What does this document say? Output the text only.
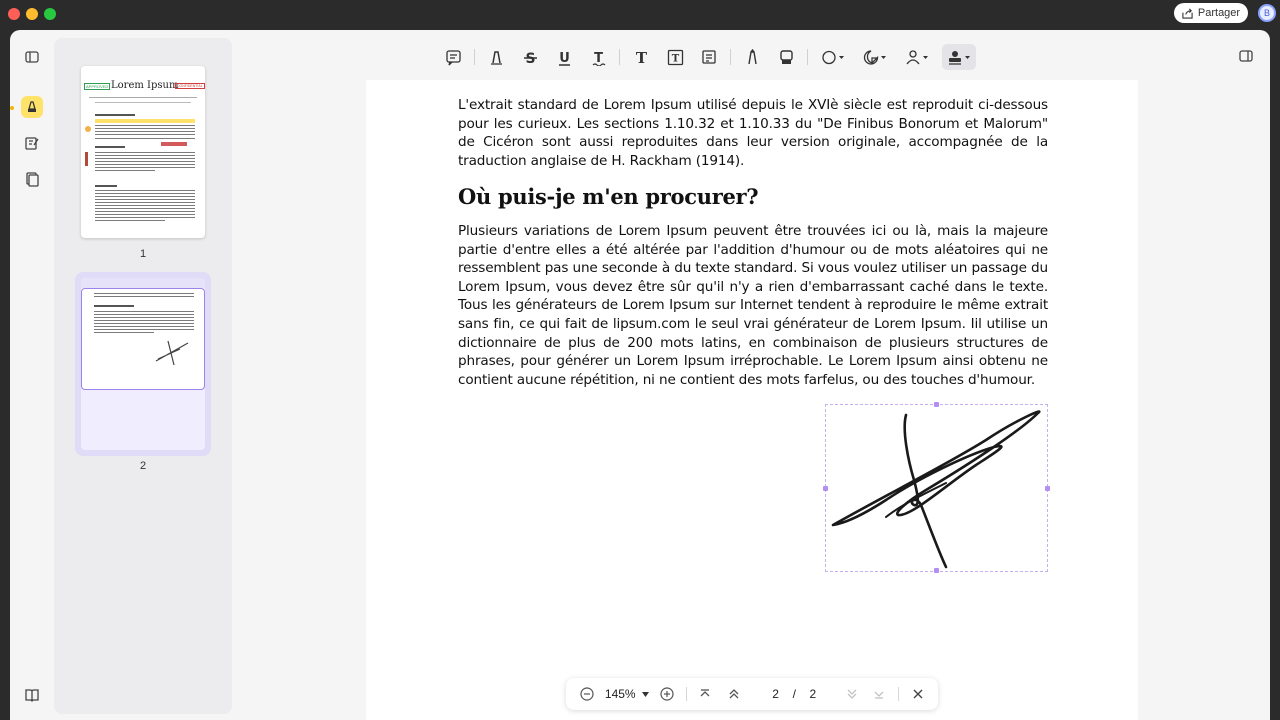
Partager	B
APPROVED Lorem Ipsum
CONFIDENTIAL
1
2
S U T T T

L'extrait standard de Lorem Ipsum utilisé depuis le XVIè siècle est reproduit ci-dessous pour les curieux. Les sections 1.10.32 et 1.10.33 du "De Finibus Bonorum et Malorum" de Cicéron sont aussi reproduites dans leur version originale, accompagnée de la traduction anglaise de H. Rackham (1914).

Où puis-je m'en procurer?

Plusieurs variations de Lorem Ipsum peuvent être trouvées ici ou là, mais la majeure partie d'entre elles a été altérée par l'addition d'humour ou de mots aléatoires qui ne ressemblent pas une seconde à du texte standard. Si vous voulez utiliser un passage du Lorem Ipsum, vous devez être sûr qu'il n'y a rien d'embarrassant caché dans le texte. Tous les générateurs de Lorem Ipsum sur Internet tendent à reproduire le même extrait sans fin, ce qui fait de lipsum.com le seul vrai générateur de Lorem Ipsum. Iil utilise un dictionnaire de plus de 200 mots latins, en combinaison de plusieurs structures de phrases, pour générer un Lorem Ipsum irréprochable. Le Lorem Ipsum ainsi obtenu ne contient aucune répétition, ni ne contient des mots farfelus, ou des touches d'humour.

145%	2	/	2
